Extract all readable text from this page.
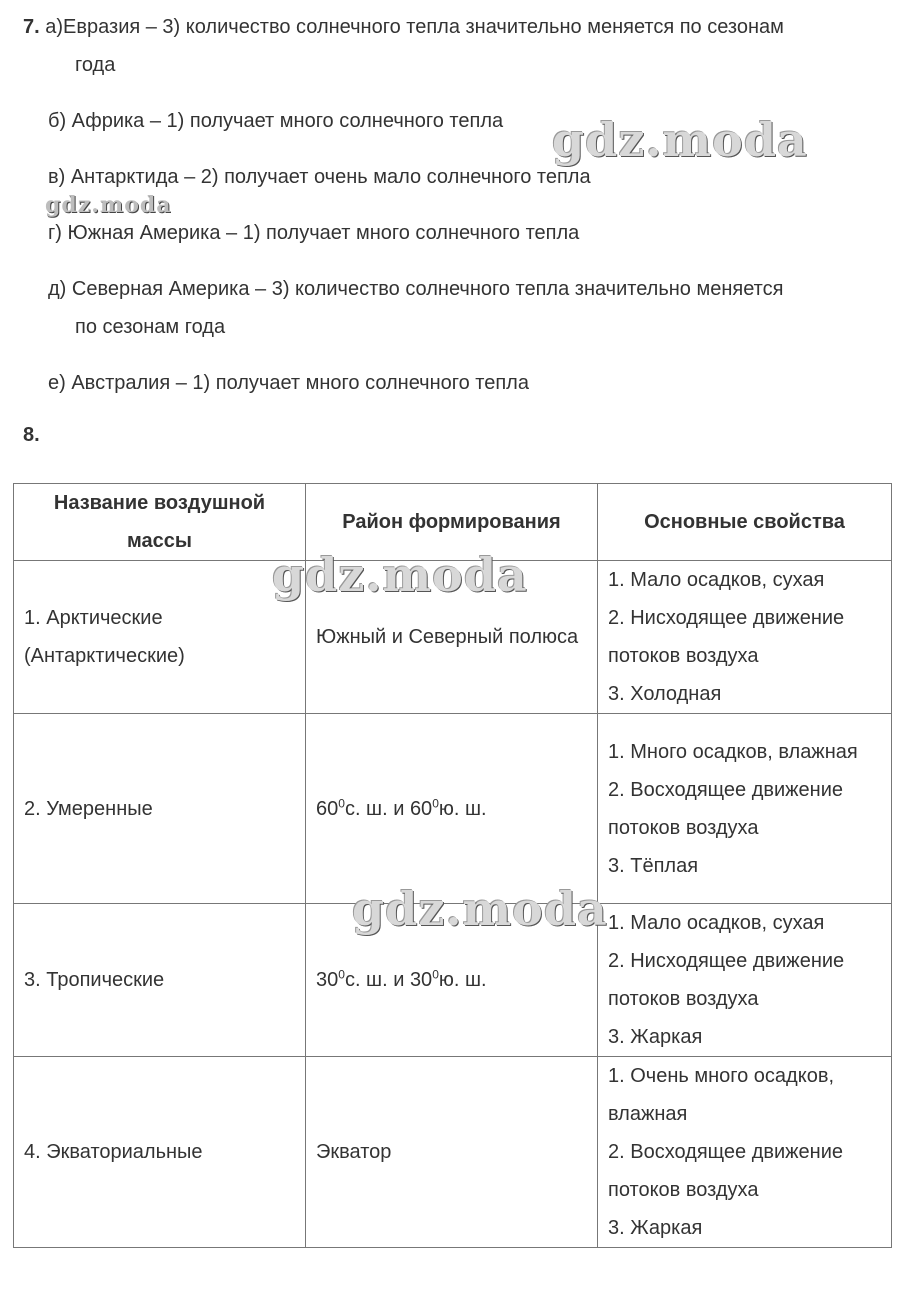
7. а)Евразия – 3) количество солнечного тепла значительно меняется по сезонам

года

б) Африка – 1) получает много солнечного тепла

в) Антарктида – 2) получает очень мало солнечного тепла

г) Южная Америка – 1) получает много солнечного тепла

д) Северная Америка – 3) количество солнечного тепла значительно меняется

по сезонам года

е) Австралия – 1) получает много солнечного тепла

8.
Название воздушной массы	Район формирования	Основные свойства
1. Арктические (Антарктические)	Южный и Северный полюса	1. Мало осадков, сухая
2. Нисходящее движение потоков воздуха
3. Холодная

2. Умеренные	$60^0с$. ш. и $60^0ю$. ш.	1. Много осадков, влажная
2. Восходящее движение потоков воздуха
3. Тёплая

3. Тропические	$30^0с$. ш. и $30^0ю$. ш.	1. Мало осадков, сухая
2. Нисходящее движение потоков воздуха
3. Жаркая

4. Экваториальные	Экватор	1. Очень много осадков, влажная
2. Восходящее движение потоков воздуха
3. Жаркая
gdz.moda
gdz.moda
gdz.moda
gdz.moda
